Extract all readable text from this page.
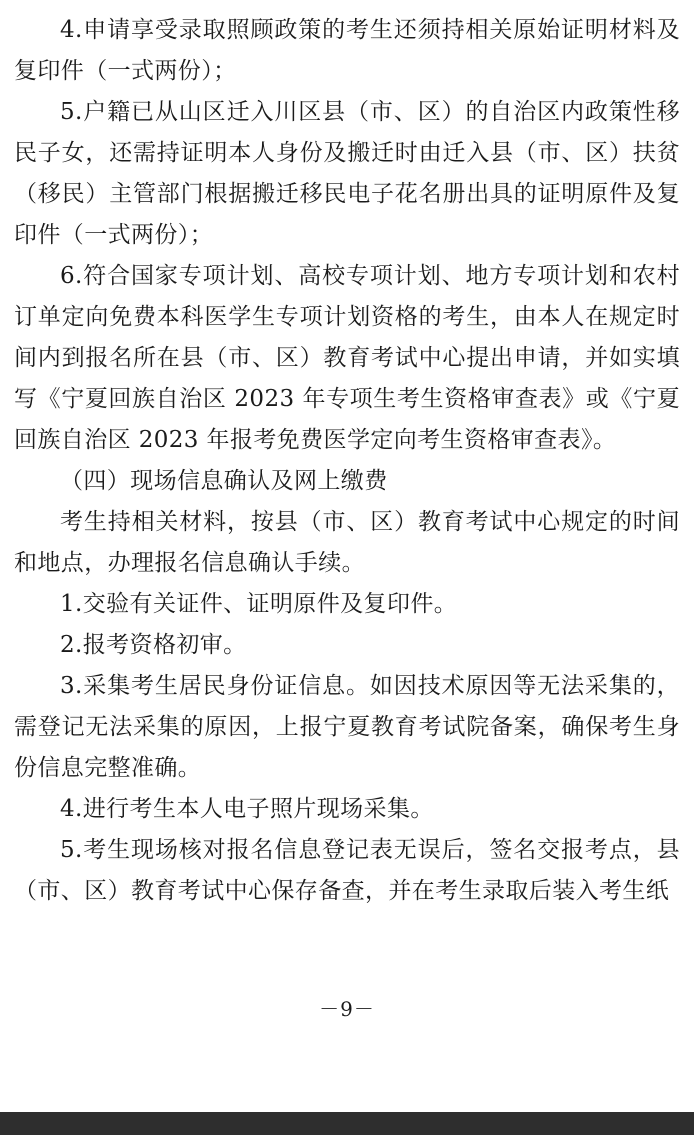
4.申请享受录取照顾政策的考生还须持相关原始证明材料及复印件（一式两份）；

5.户籍已从山区迁入川区县（市、区）的自治区内政策性移民子女，还需持证明本人身份及搬迁时由迁入县（市、区）扶贫（移民）主管部门根据搬迁移民电子花名册出具的证明原件及复印件（一式两份）；

6.符合国家专项计划、高校专项计划、地方专项计划和农村订单定向免费本科医学生专项计划资格的考生，由本人在规定时间内到报名所在县（市、区）教育考试中心提出申请，并如实填写《宁夏回族自治区 2023 年专项生考生资格审查表》或《宁夏回族自治区 2023 年报考免费医学定向考生资格审查表》。

（四）现场信息确认及网上缴费

考生持相关材料，按县（市、区）教育考试中心规定的时间和地点，办理报名信息确认手续。

1.交验有关证件、证明原件及复印件。

2.报考资格初审。

3.采集考生居民身份证信息。如因技术原因等无法采集的，需登记无法采集的原因，上报宁夏教育考试院备案，确保考生身份信息完整准确。

4.进行考生本人电子照片现场采集。

5.考生现场核对报名信息登记表无误后，签名交报考点，县（市、区）教育考试中心保存备查，并在考生录取后装入考生纸

－9－
